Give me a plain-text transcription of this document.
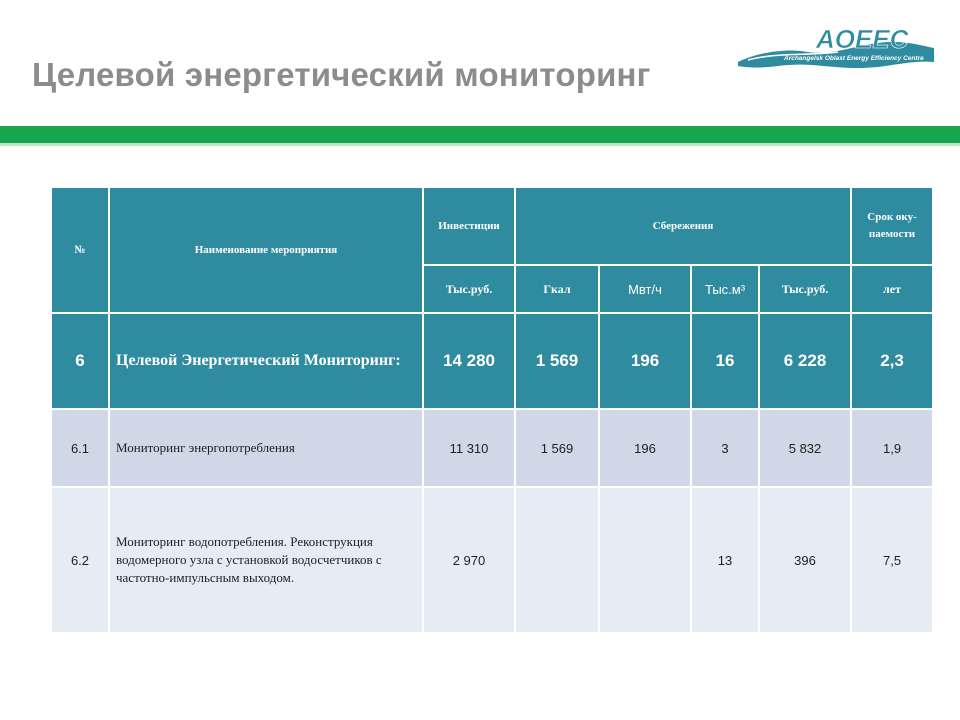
Целевой энергетический мониторинг
AOEEC
Archangelsk Oblast Energy Efficiency Centre
№	Наименование мероприятия	Инвестиции	Сбережения				Срок оку-
паемости
		Тыс.руб.	Гкал	Мвт/ч	Тыс.м³	Тыс.руб.	лет
6	Целевой Энергетический Мониторинг:	14 280	1 569	196	16	6 228	2,3
6.1	Мониторинг энергопотребления	11 310	1 569	196	3	5 832	1,9
6.2	Мониторинг водопотребления. Реконструкция водомерного узла с установкой водосчетчиков с частотно-импульсным выходом.	2 970			13	396	7,5
